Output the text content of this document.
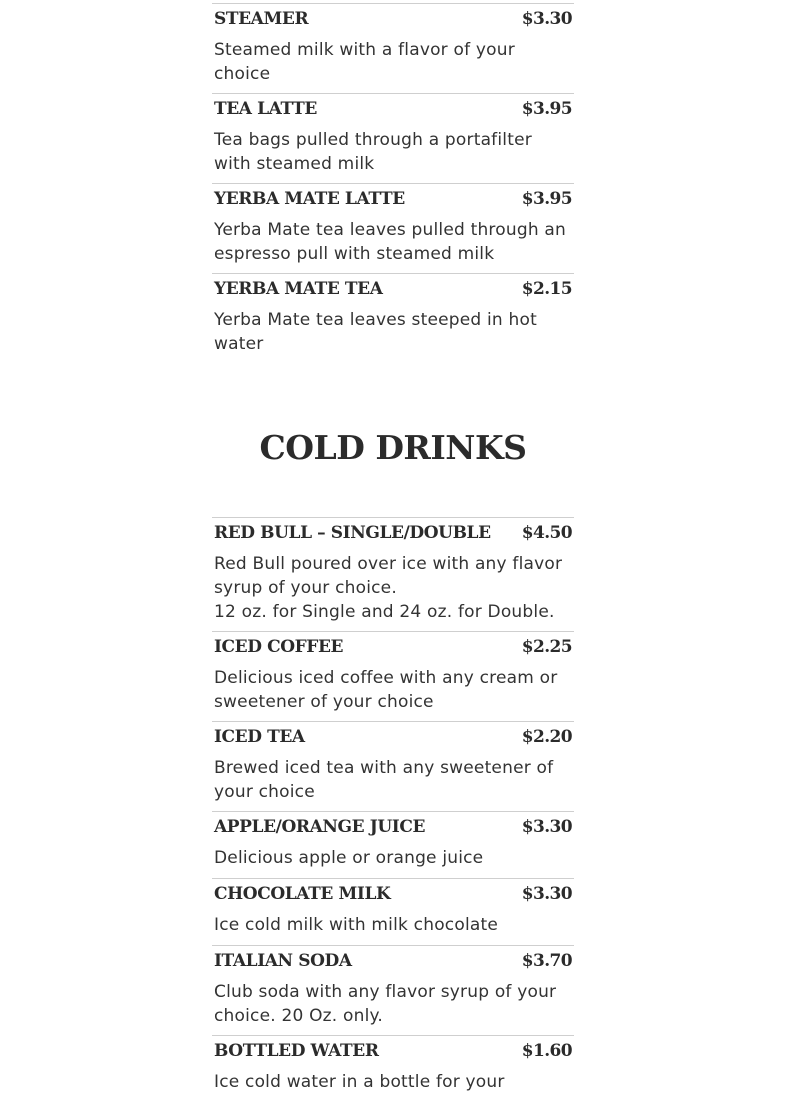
STEAMER	$3.30
Steamed milk with a flavor of your choice
TEA LATTE	$3.95
Tea bags pulled through a portafilter with steamed milk
YERBA MATE LATTE	$3.95
Yerba Mate tea leaves pulled through an espresso pull with steamed milk
YERBA MATE TEA	$2.15
Yerba Mate tea leaves steeped in hot water
COLD DRINKS
RED BULL – SINGLE/DOUBLE $4.50
Red Bull poured over ice with any flavor syrup of your choice.
12 oz. for Single and 24 oz. for Double.
ICED COFFEE	$2.25
Delicious iced coffee with any cream or sweetener of your choice
ICED TEA	$2.20
Brewed iced tea with any sweetener of your choice
APPLE/ORANGE JUICE	$3.30
Delicious apple or orange juice
CHOCOLATE MILK	$3.30
Ice cold milk with milk chocolate
ITALIAN SODA	$3.70
Club soda with any flavor syrup of your choice. 20 Oz. only.
BOTTLED WATER	$1.60
Ice cold water in a bottle for your
